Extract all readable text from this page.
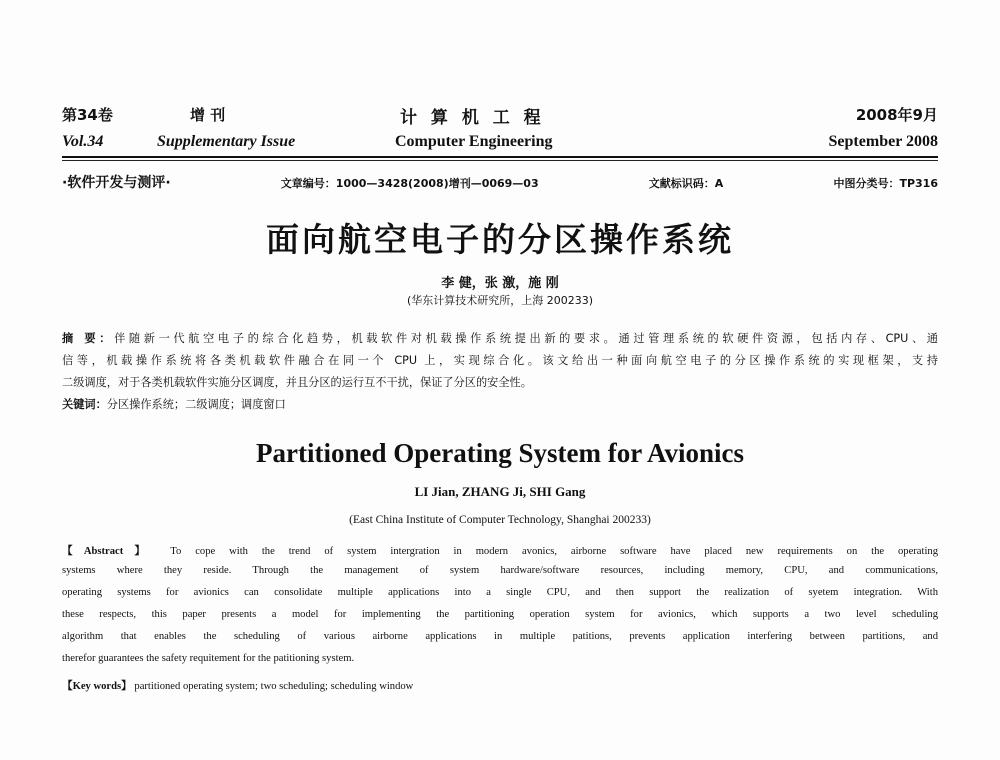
第34卷	增 刊	计 算 机 工 程	2008年9月
Vol.34	Supplementary Issue	Computer Engineering	September 2008
·软件开发与测评·	文章编号：1000—3428(2008)增刊—0069—03	文献标识码：A	中图分类号：TP316
面向航空电子的分区操作系统
李 健，张 激，施 刚
(华东计算技术研究所，上海 200233)
摘 要：伴随新一代航空电子的综合化趋势，机载软件对机载操作系统提出新的要求。通过管理系统的软硬件资源，包括内存、CPU、通
信等，机载操作系统将各类机载软件融合在同一个 CPU 上，实现综合化。该文给出一种面向航空电子的分区操作系统的实现框架，支持
二级调度，对于各类机载软件实施分区调度，并且分区的运行互不干扰，保证了分区的安全性。
关键词：分区操作系统；二级调度；调度窗口
Partitioned Operating System for Avionics
LI Jian, ZHANG Ji, SHI Gang
(East China Institute of Computer Technology, Shanghai 200233)
【Abstract】 To cope with the trend of system intergration in modern avonics, airborne software have placed new requirements on the operating
systems where they reside. Through the management of system hardware/software resources, including memory, CPU, and communications,
operating systems for avionics can consolidate multiple applications into a single CPU, and then support the realization of syetem integration. With
these respects, this paper presents a model for implementing the partitioning operation system for avionics, which supports a two level scheduling
algorithm that enables the scheduling of various airborne applications in multiple patitions, prevents application interfering between partitions, and
therefor guarantees the safety requitement for the patitioning system.
【Key words】 partitioned operating system; two scheduling; scheduling window
